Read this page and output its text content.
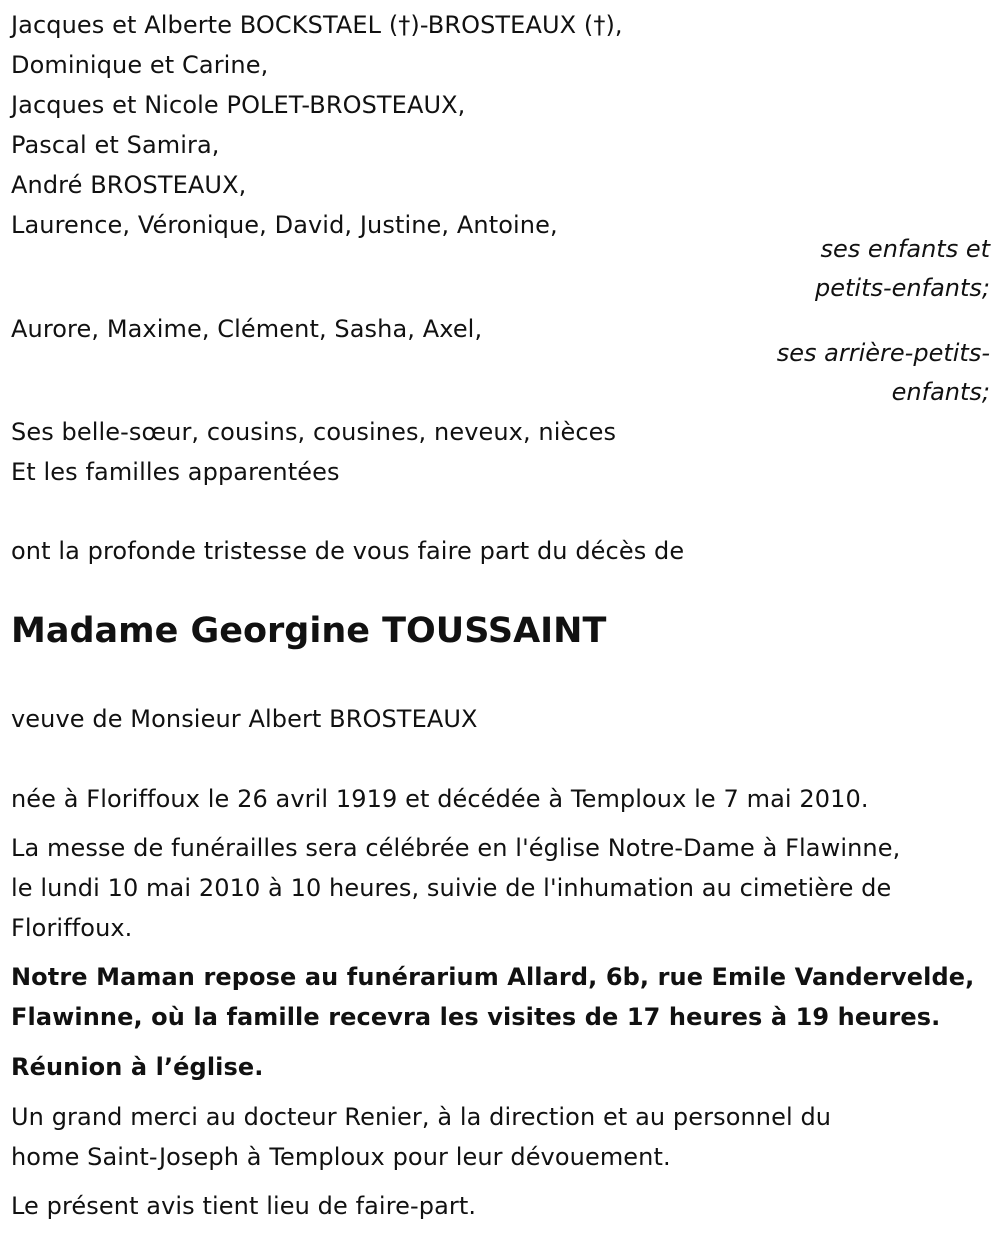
Jacques et Alberte BOCKSTAEL (†)-BROSTEAUX (†),
Dominique et Carine,
Jacques et Nicole POLET-BROSTEAUX,
Pascal et Samira,
André BROSTEAUX,
Laurence, Véronique, David, Justine, Antoine,
ses enfants et
petits-enfants;
Aurore, Maxime, Clément, Sasha, Axel,
ses arrière-petits-
enfants;
Ses belle-sœur, cousins, cousines, neveux, nièces
Et les familles apparentées
ont la profonde tristesse de vous faire part du décès de
Madame Georgine TOUSSAINT
veuve de Monsieur Albert BROSTEAUX
née à Floriffoux le 26 avril 1919 et décédée à Temploux le 7 mai 2010.
La messe de funérailles sera célébrée en l'église Notre-Dame à Flawinne,
le lundi 10 mai 2010 à 10 heures, suivie de l'inhumation au cimetière de
Floriffoux.
Notre Maman repose au funérarium Allard, 6b, rue Emile Vandervelde,
Flawinne, où la famille recevra les visites de 17 heures à 19 heures.
Réunion à l’église.
Un grand merci au docteur Renier, à la direction et au personnel du
home Saint-Joseph à Temploux pour leur dévouement.
Le présent avis tient lieu de faire-part.
